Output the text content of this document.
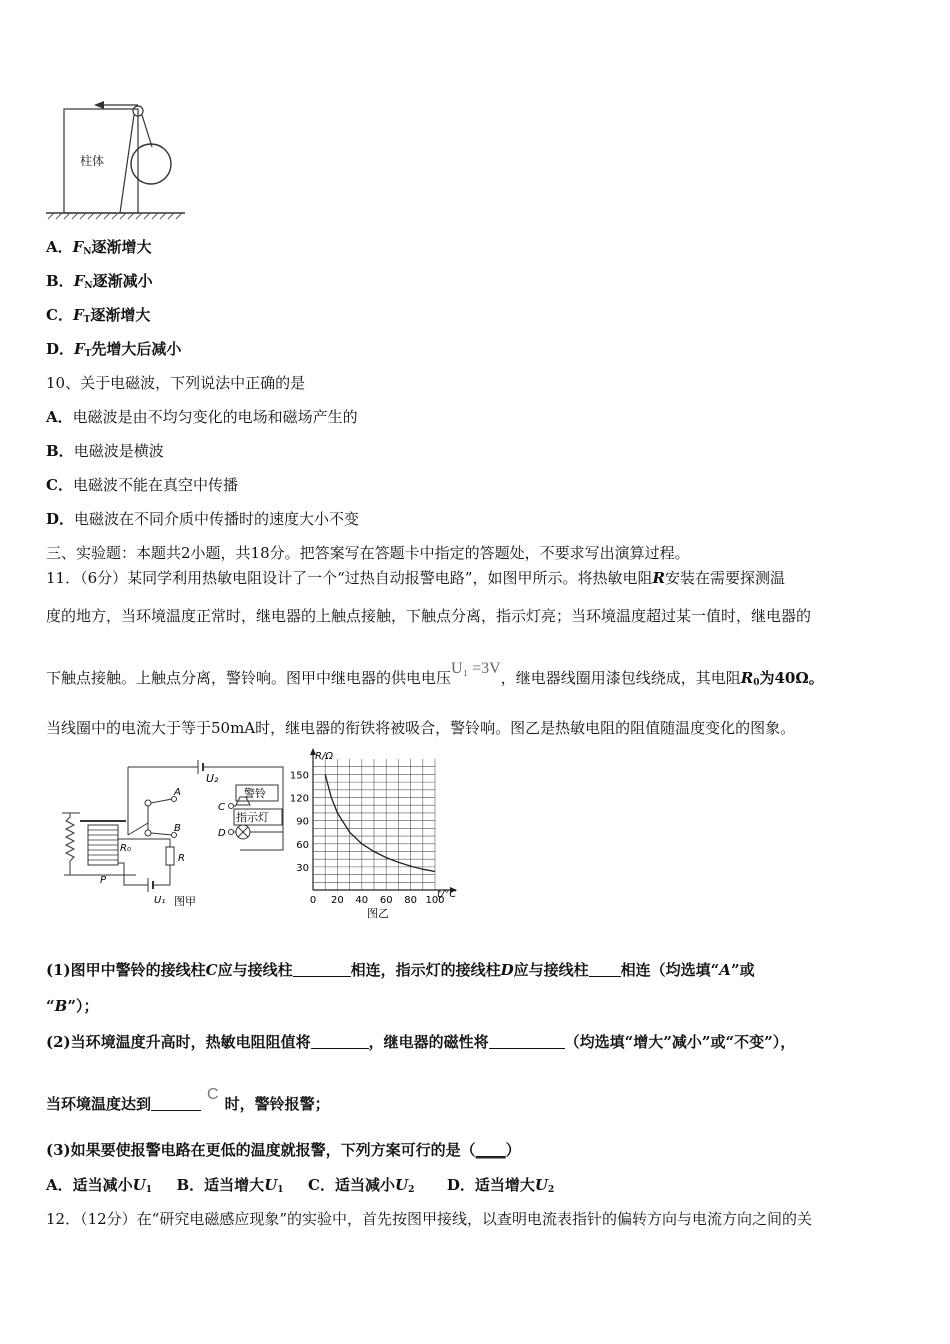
柱体
A．$F_N$逐渐增大
B．$F_N$逐渐减小
C．$F_T$逐渐增大
D．$F_T$先增大后减小
10、关于电磁波，下列说法中正确的是
A．电磁波是由不均匀变化的电场和磁场产生的
B．电磁波是横波
C．电磁波不能在真空中传播
D．电磁波在不同介质中传播时的速度大小不变
三、实验题：本题共2小题，共18分。把答案写在答题卡中指定的答题处，不要求写出演算过程。
11．（6分）某同学利用热敏电阻设计了一个“过热自动报警电路”，如图甲所示。将热敏电阻R安装在需要探测温
度的地方，当环境温度正常时，继电器的上触点接触，下触点分离，指示灯亮；当环境温度超过某一值时，继电器的
下触点接触。上触点分离，警铃响。图甲中继电器的供电电压U₁ =3V，继电器线圈用漆包线绕成，其电阻$R_0$为40Ω。
当线圈中的电流大于等于50mA时，继电器的衔铁将被吸合，警铃响。图乙是热敏电阻的阻值随温度变化的图象。
U₂
A
B
C
D
警铃
指示灯
R₀
R
P
U₁ 图甲	0 20 40 60 80 100
30
60
90
120
150
R/Ω
t/°C
图乙
(1)图甲中警铃的接线柱C应与接线柱	相连，指示灯的接线柱D应与接线柱 相连（均选填“A”或
“B”）；
(2)当环境温度升高时，热敏电阻阻值将	，继电器的磁性将	（均选填“增大”减小”或“不变”），
当环境温度达到C时，警铃报警；
(3)如果要使报警电路在更低的温度就报警，下列方案可行的是（____）
A．适当减小$U_1$ B．适当增大$U_1$ C．适当减小$U_2$ D．适当增大$U_2$
12．（12分）在“研究电磁感应现象”的实验中，首先按图甲接线，以查明电流表指针的偏转方向与电流方向之间的关
